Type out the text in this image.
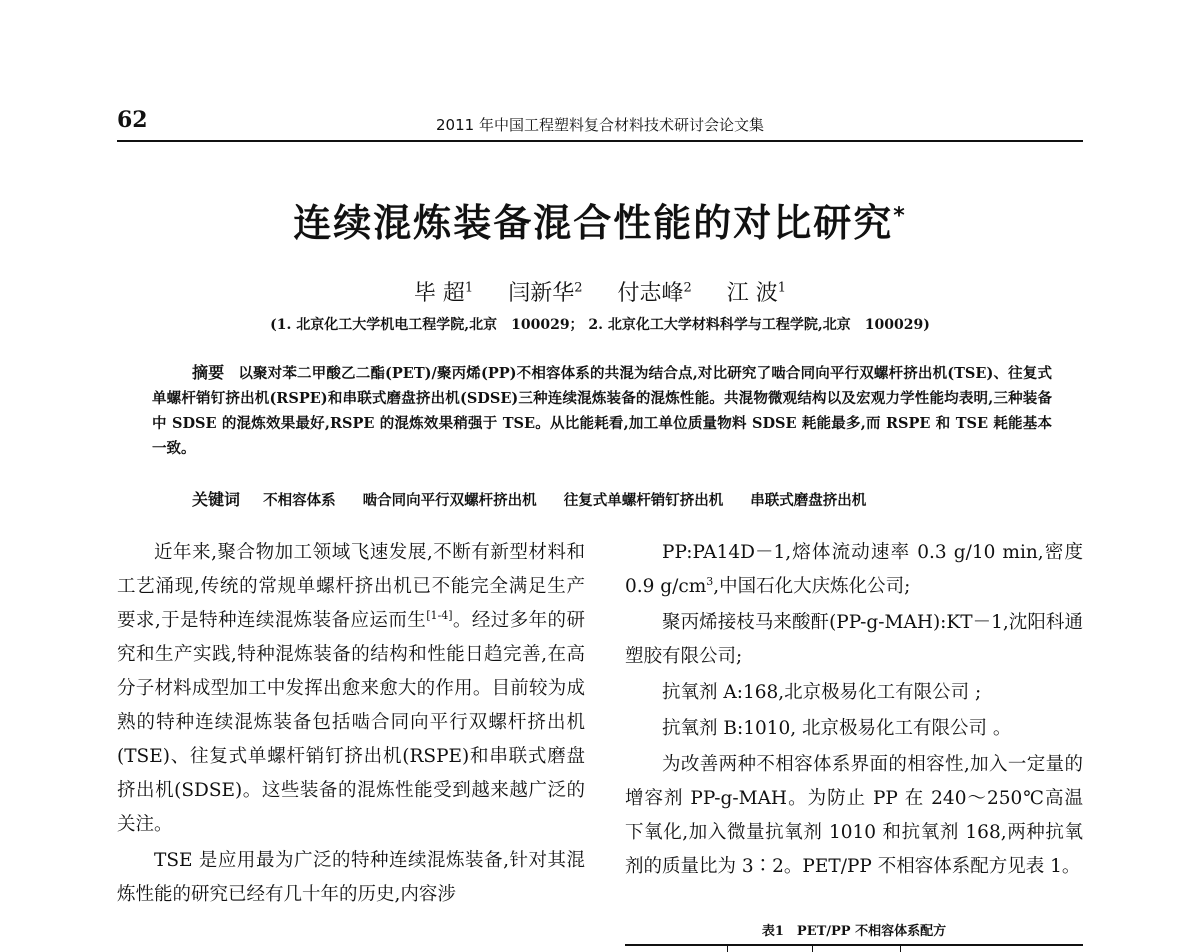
62	2011 年中国工程塑料复合材料技术研讨会论文集
连续混炼装备混合性能的对比研究*
毕 超$^1$ 闫新华$^2$ 付志峰$^2$ 江 波$^1$
(1. 北京化工大学机电工程学院,北京　100029； 2. 北京化工大学材料科学与工程学院,北京　100029)
摘要 以聚对苯二甲酸乙二酯(PET)/聚丙烯(PP)不相容体系的共混为结合点,对比研究了啮合同向平行双螺杆挤出机(TSE)、往复式单螺杆销钉挤出机(RSPE)和串联式磨盘挤出机(SDSE)三种连续混炼装备的混炼性能。共混物微观结构以及宏观力学性能均表明,三种装备中 SDSE 的混炼效果最好,RSPE 的混炼效果稍强于 TSE。从比能耗看,加工单位质量物料 SDSE 耗能最多,而 RSPE 和 TSE 耗能基本一致。
关键词 不相容体系 啮合同向平行双螺杆挤出机 往复式单螺杆销钉挤出机 串联式磨盘挤出机

近年来,聚合物加工领域飞速发展,不断有新型材料和工艺涌现,传统的常规单螺杆挤出机已不能完全满足生产要求,于是特种连续混炼装备应运而生[1-4]。经过多年的研究和生产实践,特种混炼装备的结构和性能日趋完善,在高分子材料成型加工中发挥出愈来愈大的作用。目前较为成熟的特种连续混炼装备包括啮合同向平行双螺杆挤出机(TSE)、往复式单螺杆销钉挤出机(RSPE)和串联式磨盘挤出机(SDSE)。这些装备的混炼性能受到越来越广泛的关注。

TSE 是应用最为广泛的特种连续混炼装备,针对其混炼性能的研究已经有几十年的历史,内容涉

PP:PA14D－1,熔体流动速率 0.3 g/10 min,密度0.9 $g/cm^3$,中国石化大庆炼化公司;

聚丙烯接枝马来酸酐(PP-g-MAH):KT－1,沈阳科通塑胶有限公司;

抗氧剂 A:168,北京极易化工有限公司 ;

抗氧剂 B:1010, 北京极易化工有限公司 。

为改善两种不相容体系界面的相容性,加入一定量的增容剂 PP-g-MAH。为防止 PP 在 240～250℃高温下氧化,加入微量抗氧剂 1010 和抗氧剂 168,两种抗氧剂的质量比为 3∶2。PET/PP 不相容体系配方见表 1。

表1　PET/PP 不相容体系配方
